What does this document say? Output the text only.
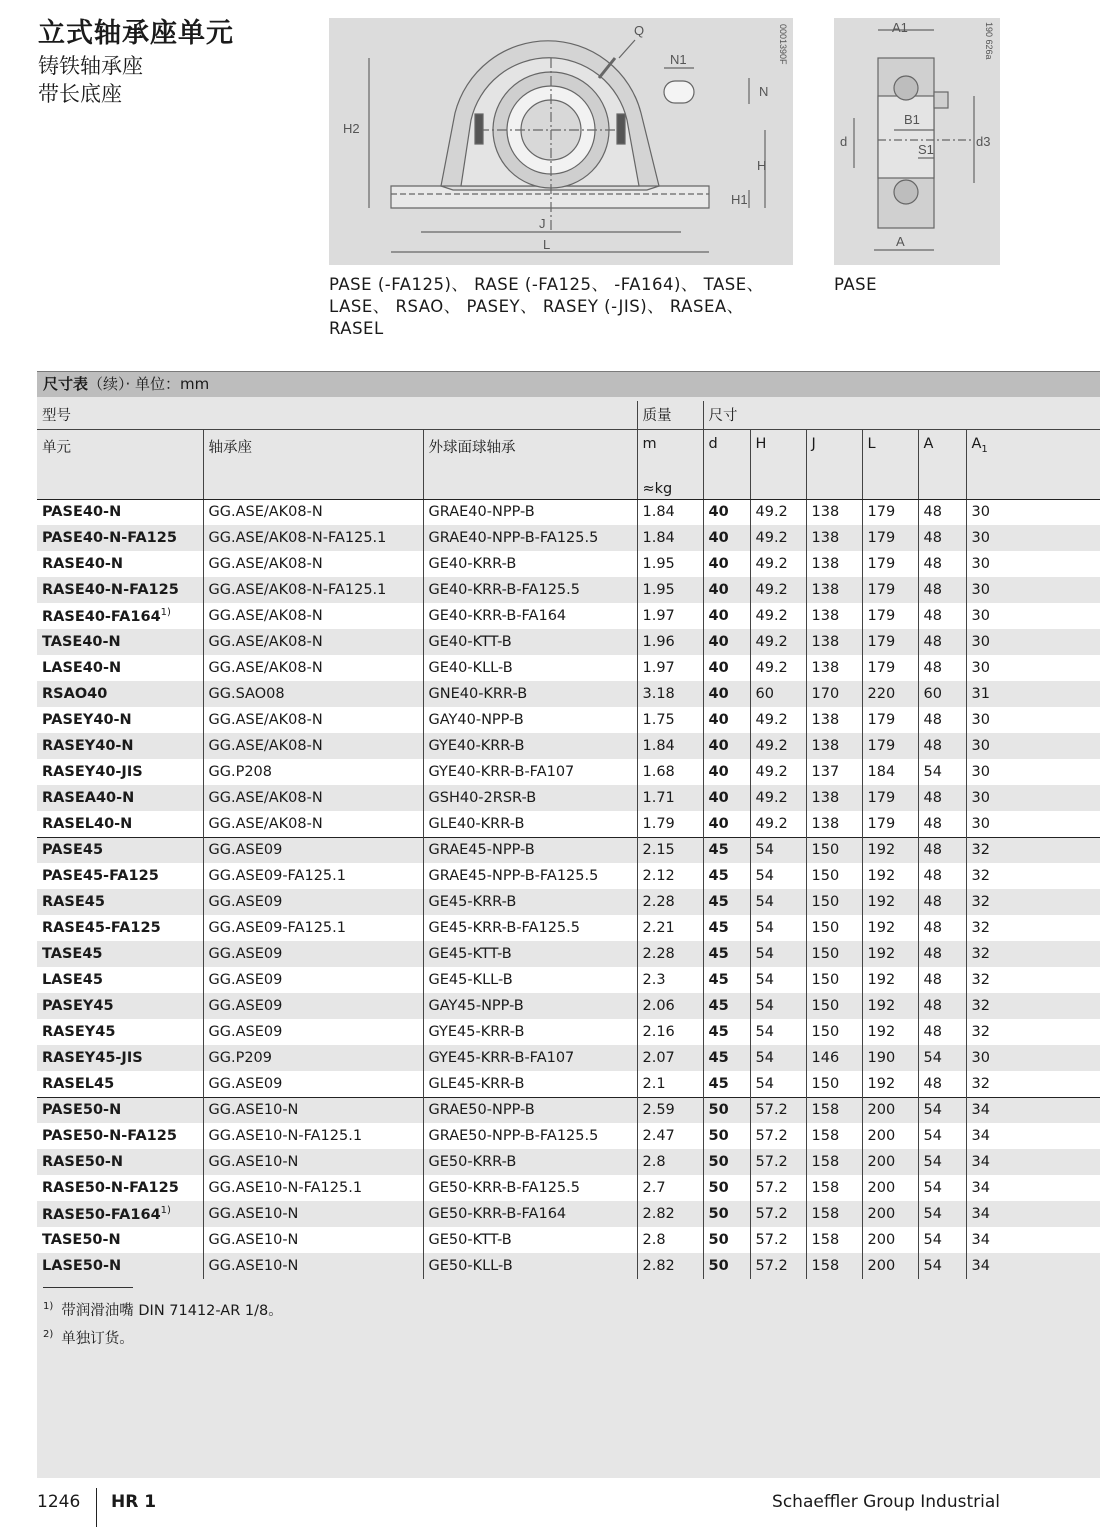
立式轴承座单元
铸铁轴承座
带长底座
Q
N1
N
H2
H
H1
J
L
0001390F	A1
B1
S1
d	d3
A
190 626a
PASE (-FA125)、 RASE (-FA125、 -FA164)、 TASE、
LASE、 RSAO、 PASEY、 RASEY (-JIS)、 RASEA、
RASEL
PASE
尺寸表（续）· 单位：mm
型号			质量	尺寸					
单元	轴承座	外球面球轴承	m	d	H	J	L	A	$A_1$
			≈kg						
PASE40-N	GG.ASE/AK08-N	GRAE40-NPP-B	1.84	40	49.2	138	179	48	30
PASE40-N-FA125	GG.ASE/AK08-N-FA125.1	GRAE40-NPP-B-FA125.5	1.84	40	49.2	138	179	48	30
RASE40-N	GG.ASE/AK08-N	GE40-KRR-B	1.95	40	49.2	138	179	48	30
RASE40-N-FA125	GG.ASE/AK08-N-FA125.1	GE40-KRR-B-FA125.5	1.95	40	49.2	138	179	48	30
RASE40-FA164$^{1)}$	GG.ASE/AK08-N	GE40-KRR-B-FA164	1.97	40	49.2	138	179	48	30
TASE40-N	GG.ASE/AK08-N	GE40-KTT-B	1.96	40	49.2	138	179	48	30
LASE40-N	GG.ASE/AK08-N	GE40-KLL-B	1.97	40	49.2	138	179	48	30
RSAO40	GG.SAO08	GNE40-KRR-B	3.18	40	60	170	220	60	31
PASEY40-N	GG.ASE/AK08-N	GAY40-NPP-B	1.75	40	49.2	138	179	48	30
RASEY40-N	GG.ASE/AK08-N	GYE40-KRR-B	1.84	40	49.2	138	179	48	30
RASEY40-JIS	GG.P208	GYE40-KRR-B-FA107	1.68	40	49.2	137	184	54	30
RASEA40-N	GG.ASE/AK08-N	GSH40-2RSR-B	1.71	40	49.2	138	179	48	30
RASEL40-N	GG.ASE/AK08-N	GLE40-KRR-B	1.79	40	49.2	138	179	48	30
PASE45	GG.ASE09	GRAE45-NPP-B	2.15	45	54	150	192	48	32
PASE45-FA125	GG.ASE09-FA125.1	GRAE45-NPP-B-FA125.5	2.12	45	54	150	192	48	32
RASE45	GG.ASE09	GE45-KRR-B	2.28	45	54	150	192	48	32
RASE45-FA125	GG.ASE09-FA125.1	GE45-KRR-B-FA125.5	2.21	45	54	150	192	48	32
TASE45	GG.ASE09	GE45-KTT-B	2.28	45	54	150	192	48	32
LASE45	GG.ASE09	GE45-KLL-B	2.3	45	54	150	192	48	32
PASEY45	GG.ASE09	GAY45-NPP-B	2.06	45	54	150	192	48	32
RASEY45	GG.ASE09	GYE45-KRR-B	2.16	45	54	150	192	48	32
RASEY45-JIS	GG.P209	GYE45-KRR-B-FA107	2.07	45	54	146	190	54	30
RASEL45	GG.ASE09	GLE45-KRR-B	2.1	45	54	150	192	48	32
PASE50-N	GG.ASE10-N	GRAE50-NPP-B	2.59	50	57.2	158	200	54	34
PASE50-N-FA125	GG.ASE10-N-FA125.1	GRAE50-NPP-B-FA125.5	2.47	50	57.2	158	200	54	34
RASE50-N	GG.ASE10-N	GE50-KRR-B	2.8	50	57.2	158	200	54	34
RASE50-N-FA125	GG.ASE10-N-FA125.1	GE50-KRR-B-FA125.5	2.7	50	57.2	158	200	54	34
RASE50-FA164$^{1)}$	GG.ASE10-N	GE50-KRR-B-FA164	2.82	50	57.2	158	200	54	34
TASE50-N	GG.ASE10-N	GE50-KTT-B	2.8	50	57.2	158	200	54	34
LASE50-N	GG.ASE10-N	GE50-KLL-B	2.82	50	57.2	158	200	54	34
$^{1)}$ 带润滑油嘴 DIN 71412-AR 1/8。
$^{2)}$ 单独订货。
1246 HR 1	Schaeffler Group Industrial
